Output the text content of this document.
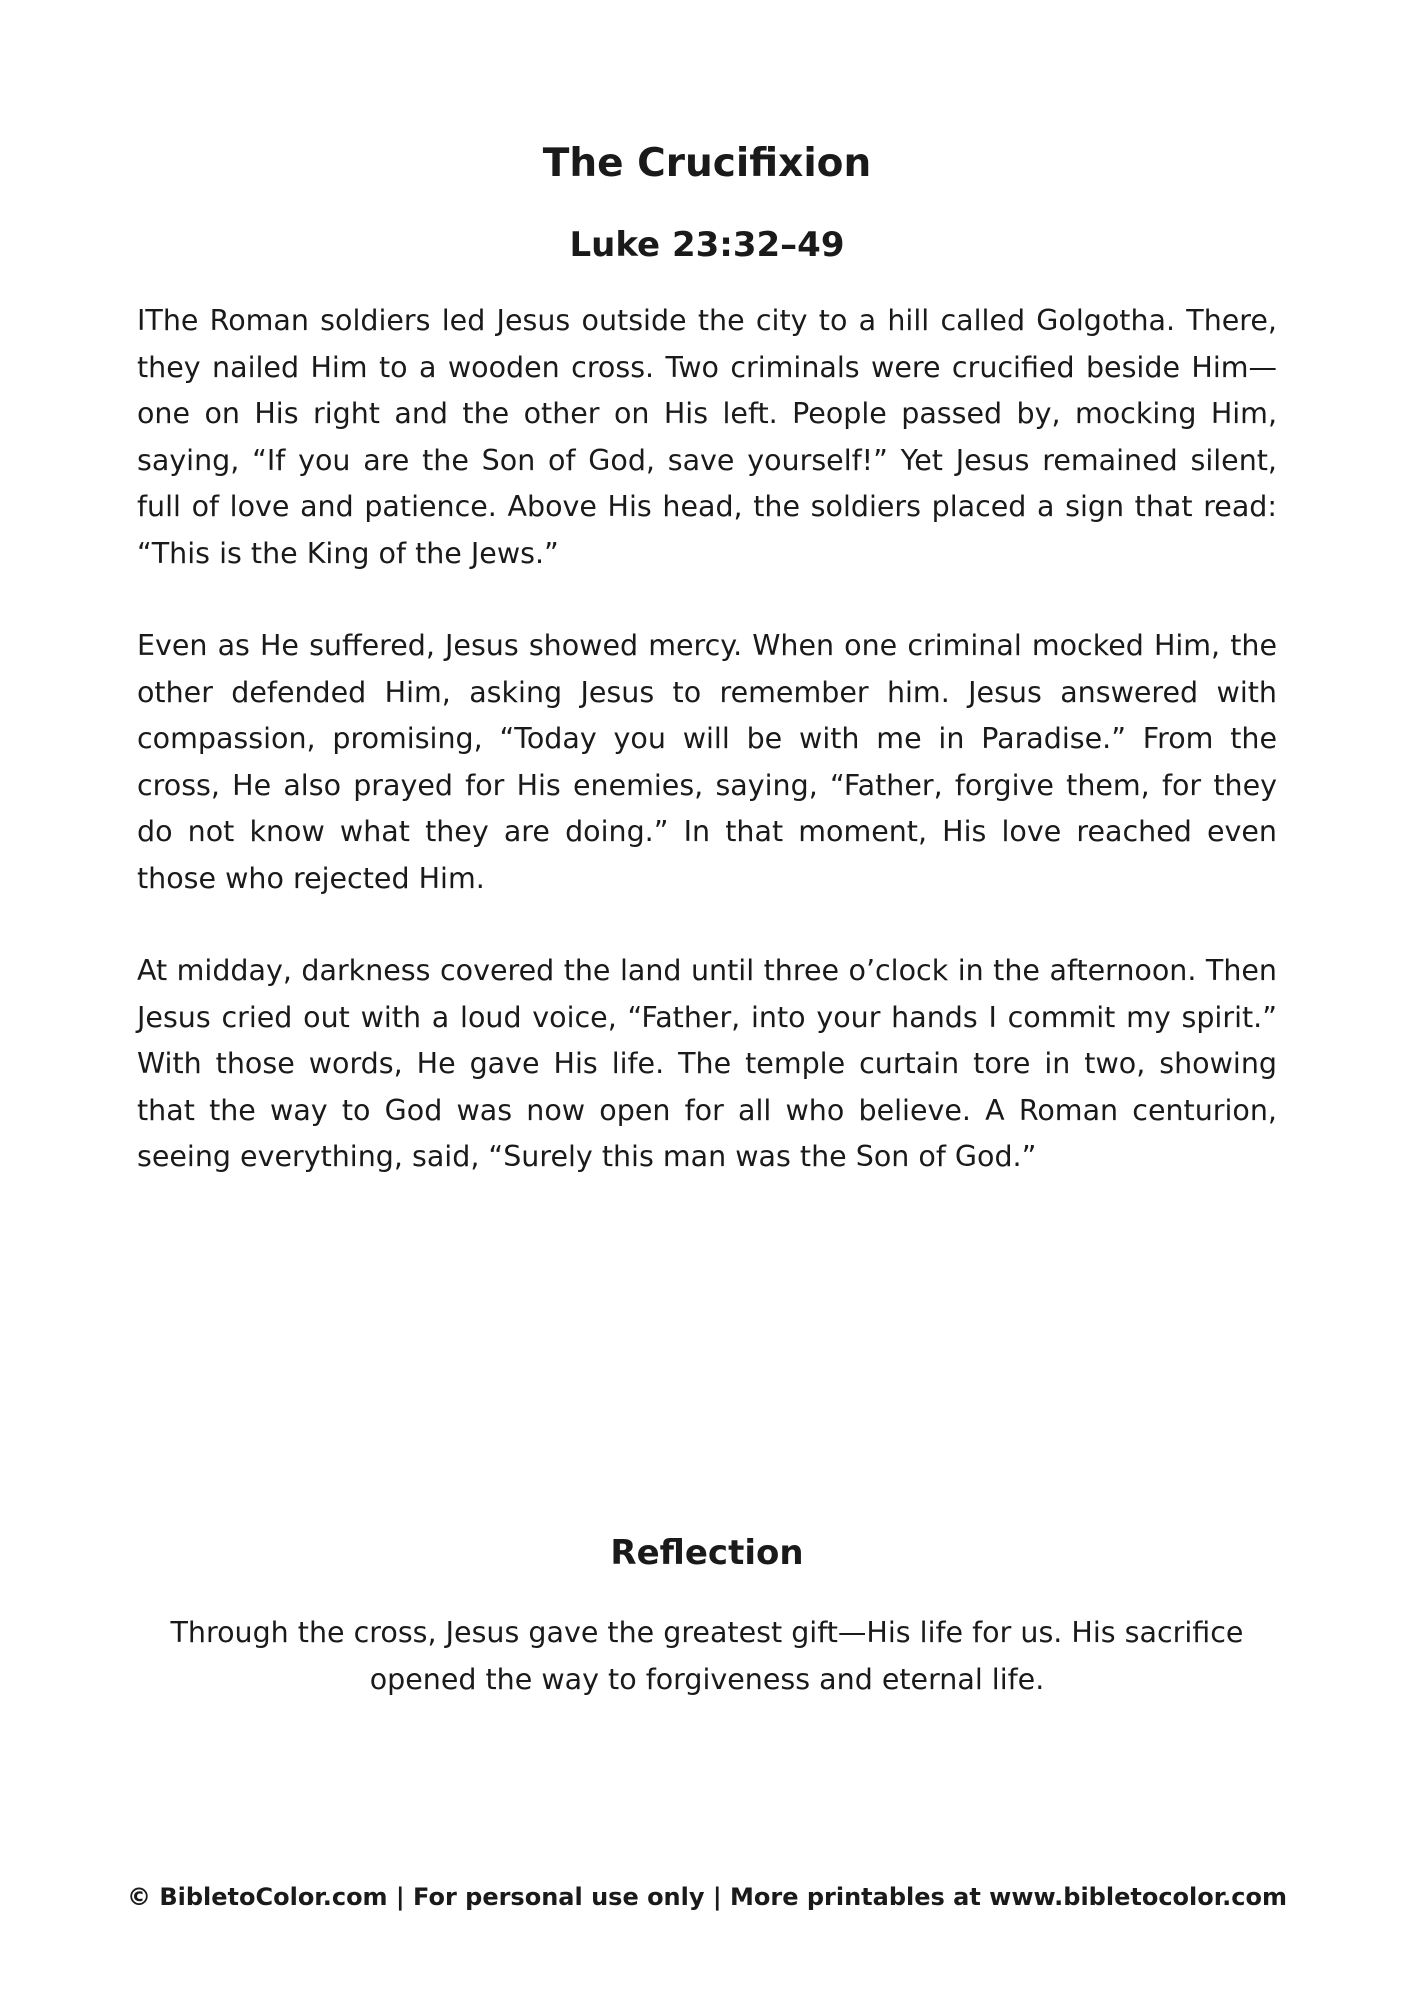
The Crucifixion
Luke 23:32–49

IThe Roman soldiers led Jesus outside the city to a hill called Golgotha. There, they nailed Him to a wooden cross. Two criminals were crucified beside Him—one on His right and the other on His left. People passed by, mocking Him, saying, “If you are the Son of God, save yourself!” Yet Jesus remained silent, full of love and patience. Above His head, the soldiers placed a sign that read: “This is the King of the Jews.”

Even as He suffered, Jesus showed mercy. When one criminal mocked Him, the other defended Him, asking Jesus to remember him. Jesus answered with compassion, promising, “Today you will be with me in Paradise.” From the cross, He also prayed for His enemies, saying, “Father, forgive them, for they do not know what they are doing.” In that moment, His love reached even those who rejected Him.

At midday, darkness covered the land until three o’clock in the afternoon. Then Jesus cried out with a loud voice, “Father, into your hands I commit my spirit.” With those words, He gave His life. The temple curtain tore in two, showing that the way to God was now open for all who believe. A Roman centurion, seeing everything, said, “Surely this man was the Son of God.”

Reflection

Through the cross, Jesus gave the greatest gift—His life for us. His sacrifice opened the way to forgiveness and eternal life.

© BibletoColor.com | For personal use only | More printables at www.bibletocolor.com
